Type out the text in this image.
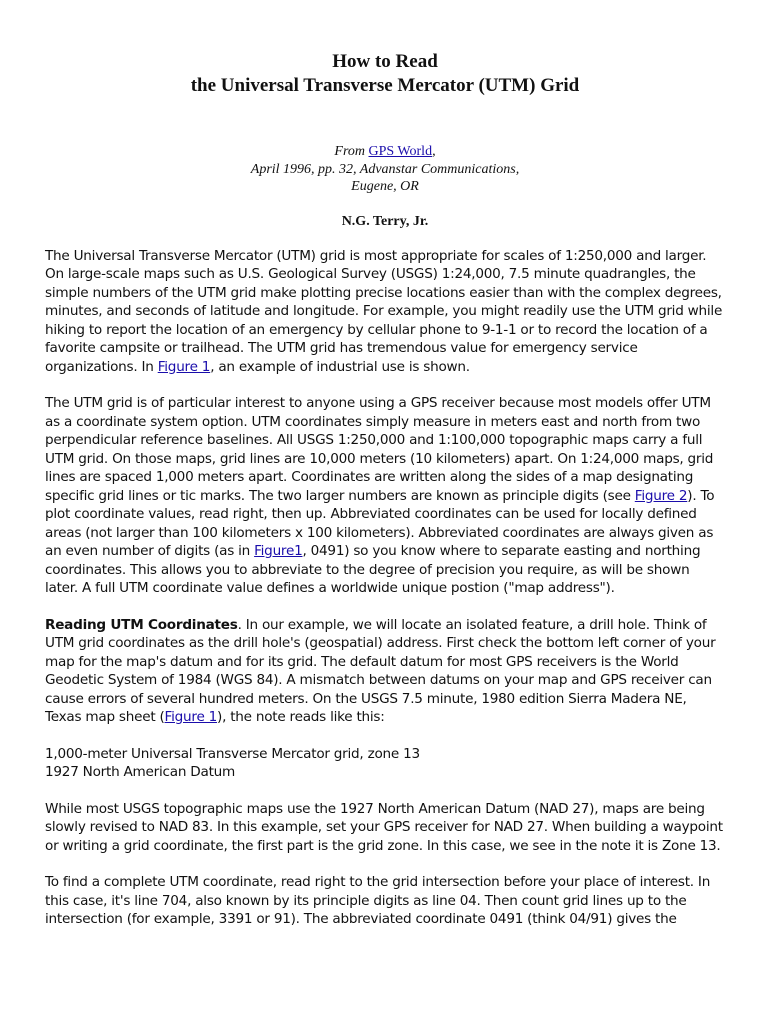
How to Read
the Universal Transverse Mercator (UTM) Grid
From GPS World,
April 1996, pp. 32, Advanstar Communications,
Eugene, OR
N.G. Terry, Jr.

The Universal Transverse Mercator (UTM) grid is most appropriate for scales of 1:250,000 and larger. On large-scale maps such as U.S. Geological Survey (USGS) 1:24,000, 7.5 minute quadrangles, the simple numbers of the UTM grid make plotting precise locations easier than with the complex degrees, minutes, and seconds of latitude and longitude. For example, you might readily use the UTM grid while hiking to report the location of an emergency by cellular phone to 9-1-1 or to record the location of a favorite campsite or trailhead. The UTM grid has tremendous value for emergency service organizations. In Figure 1, an example of industrial use is shown.

The UTM grid is of particular interest to anyone using a GPS receiver because most models offer UTM as a coordinate system option. UTM coordinates simply measure in meters east and north from two perpendicular reference baselines. All USGS 1:250,000 and 1:100,000 topographic maps carry a full UTM grid. On those maps, grid lines are 10,000 meters (10 kilometers) apart. On 1:24,000 maps, grid lines are spaced 1,000 meters apart. Coordinates are written along the sides of a map designating specific grid lines or tic marks. The two larger numbers are known as principle digits (see Figure 2). To plot coordinate values, read right, then up. Abbreviated coordinates can be used for locally defined areas (not larger than 100 kilometers x 100 kilometers). Abbreviated coordinates are always given as an even number of digits (as in Figure1, 0491) so you know where to separate easting and northing coordinates. This allows you to abbreviate to the degree of precision you require, as will be shown later. A full UTM coordinate value defines a worldwide unique postion ("map address").

Reading UTM Coordinates. In our example, we will locate an isolated feature, a drill hole. Think of UTM grid coordinates as the drill hole's (geospatial) address. First check the bottom left corner of your map for the map's datum and for its grid. The default datum for most GPS receivers is the World Geodetic System of 1984 (WGS 84). A mismatch between datums on your map and GPS receiver can cause errors of several hundred meters. On the USGS 7.5 minute, 1980 edition Sierra Madera NE, Texas map sheet (Figure 1), the note reads like this:

1,000-meter Universal Transverse Mercator grid, zone 13
1927 North American Datum

While most USGS topographic maps use the 1927 North American Datum (NAD 27), maps are being slowly revised to NAD 83. In this example, set your GPS receiver for NAD 27. When building a waypoint or writing a grid coordinate, the first part is the grid zone. In this case, we see in the note it is Zone 13.

To find a complete UTM coordinate, read right to the grid intersection before your place of interest. In this case, it's line 704, also known by its principle digits as line 04. Then count grid lines up to the intersection (for example, 3391 or 91). The abbreviated coordinate 0491 (think 04/91) gives the
